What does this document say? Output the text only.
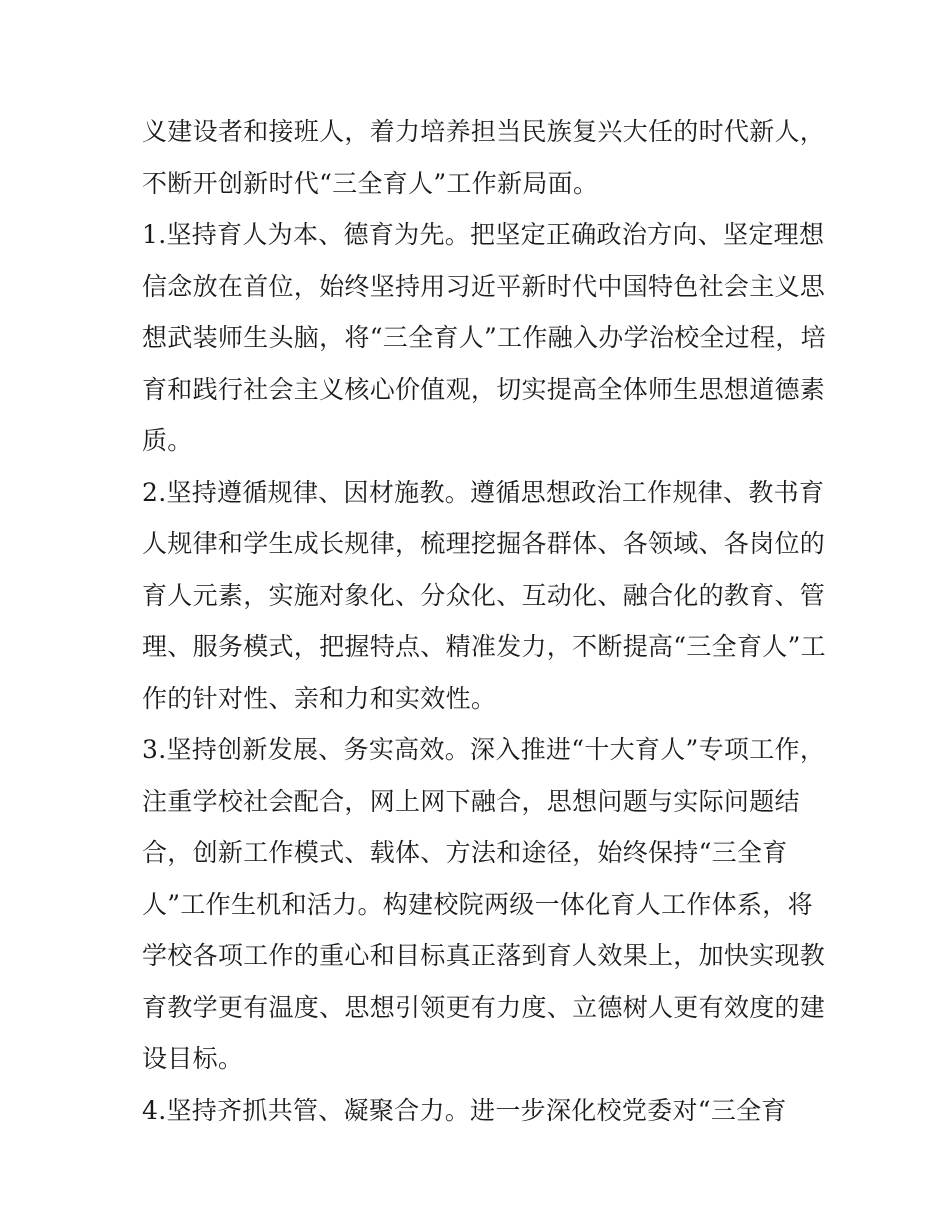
义建设者和接班人，着力培养担当民族复兴大任的时代新人，
不断开创新时代“三全育人”工作新局面。
1.坚持育人为本、德育为先。把坚定正确政治方向、坚定理想
信念放在首位，始终坚持用习近平新时代中国特色社会主义思
想武装师生头脑，将“三全育人”工作融入办学治校全过程，培
育和践行社会主义核心价值观，切实提高全体师生思想道德素
质。
2.坚持遵循规律、因材施教。遵循思想政治工作规律、教书育
人规律和学生成长规律，梳理挖掘各群体、各领域、各岗位的
育人元素，实施对象化、分众化、互动化、融合化的教育、管
理、服务模式，把握特点、精准发力，不断提高“三全育人”工
作的针对性、亲和力和实效性。
3.坚持创新发展、务实高效。深入推进“十大育人”专项工作，
注重学校社会配合，网上网下融合，思想问题与实际问题结
合，创新工作模式、载体、方法和途径，始终保持“三全育
人”工作生机和活力。构建校院两级一体化育人工作体系，将
学校各项工作的重心和目标真正落到育人效果上，加快实现教
育教学更有温度、思想引领更有力度、立德树人更有效度的建
设目标。
4.坚持齐抓共管、凝聚合力。进一步深化校党委对“三全育
